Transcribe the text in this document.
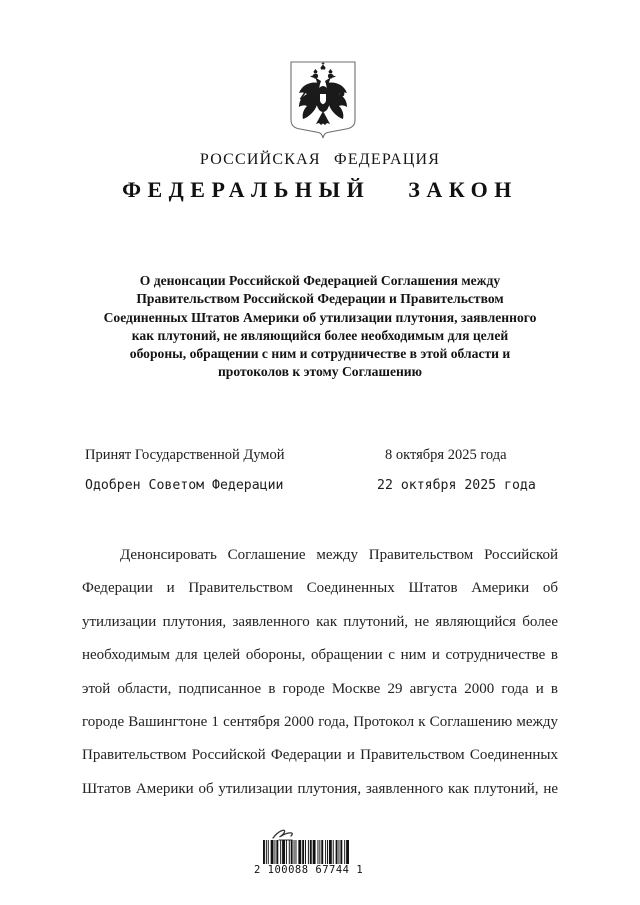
РОССИЙСКАЯ ФЕДЕРАЦИЯ
ФЕДЕРАЛЬНЫЙ ЗАКОН
О денонсации Российской Федерацией Соглашения между
Правительством Российской Федерации и Правительством
Соединенных Штатов Америки об утилизации плутония, заявленного
как плутоний, не являющийся более необходимым для целей
обороны, обращении с ним и сотрудничестве в этой области и
протоколов к этому Соглашению
Принят Государственной Думой	8 октября 2025 года
Одобрен Советом Федерации	22 октября 2025 года
Денонсировать Соглашение между Правительством Российской
Федерации и Правительством Соединенных Штатов Америки об
утилизации плутония, заявленного как плутоний, не являющийся более
необходимым для целей обороны, обращении с ним и сотрудничестве в
этой области, подписанное в городе Москве 29 августа 2000 года и в
городе Вашингтоне 1 сентября 2000 года, Протокол к Соглашению между
Правительством Российской Федерации и Правительством Соединенных
Штатов Америки об утилизации плутония, заявленного как плутоний, не
2 100088 67744 1
